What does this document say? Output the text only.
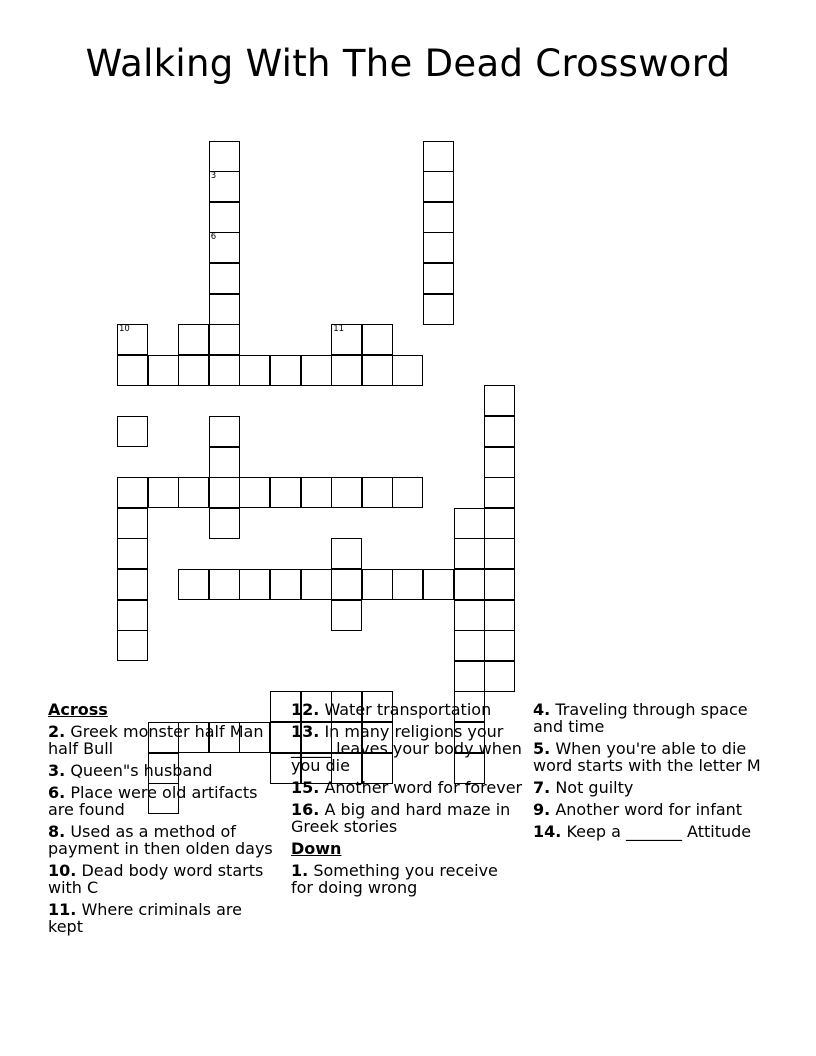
Walking With The Dead Crossword
3
6
10	11
Across
2. Greek monster half Man half Bull
3. Queen"s husband
6. Place were old artifacts are found
8. Used as a method of payment in then olden days
10. Dead body word starts with C
11. Where criminals are kept
12. Water transportation
13. In many religions your _____ leaves your body when you die
15. Another word for forever
16. A big and hard maze in Greek stories
Down
1. Something you receive for doing wrong
4. Traveling through space and time
5. When you're able to die word starts with the letter M
7. Not guilty
9. Another word for infant
14. Keep a _______ Attitude
